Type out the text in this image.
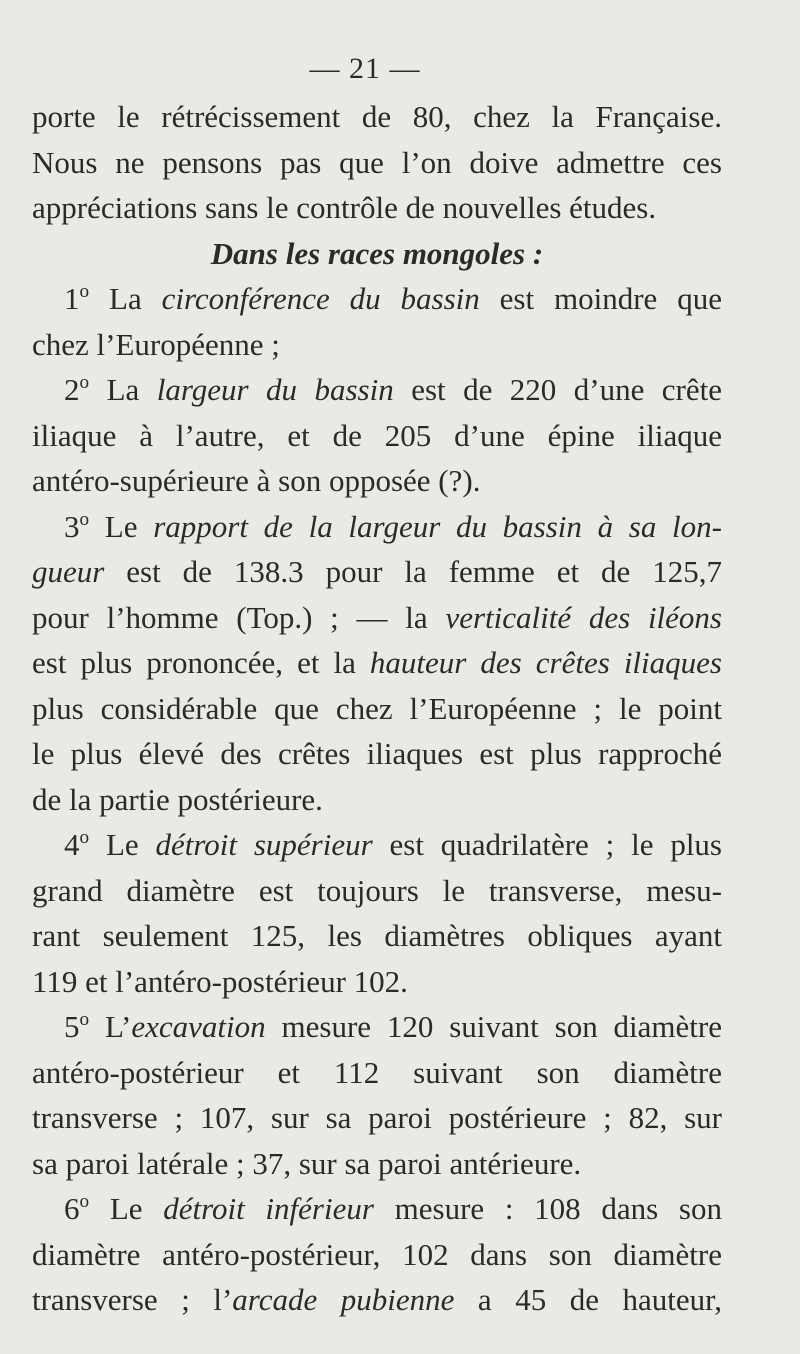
— 21 —
porte le rétrécissement de 80, chez la Française.
Nous ne pensons pas que l’on doive admettre ces
appréciations sans le contrôle de nouvelles études.
Dans les races mongoles :
1$^o$ La circonférence du bassin est moindre que
chez l’Européenne ;
2$^o$ La largeur du bassin est de 220 d’une crête
iliaque à l’autre, et de 205 d’une épine iliaque
antéro-supérieure à son opposée (?).
3$^o$ Le rapport de la largeur du bassin à sa lon-
gueur est de 138.3 pour la femme et de 125,7
pour l’homme (Top.) ; — la verticalité des iléons
est plus prononcée, et la hauteur des crêtes iliaques
plus considérable que chez l’Européenne ; le point
le plus élevé des crêtes iliaques est plus rapproché
de la partie postérieure.
4$^o$ Le détroit supérieur est quadrilatère ; le plus
grand diamètre est toujours le transverse, mesu-
rant seulement 125, les diamètres obliques ayant
119 et l’antéro-postérieur 102.
5$^o$ L’excavation mesure 120 suivant son diamètre
antéro-postérieur et 112 suivant son diamètre
transverse ; 107, sur sa paroi postérieure ; 82, sur
sa paroi latérale ; 37, sur sa paroi antérieure.
6$^o$ Le détroit inférieur mesure : 108 dans son
diamètre antéro-postérieur, 102 dans son diamètre
transverse ; l’arcade pubienne a 45 de hauteur,
